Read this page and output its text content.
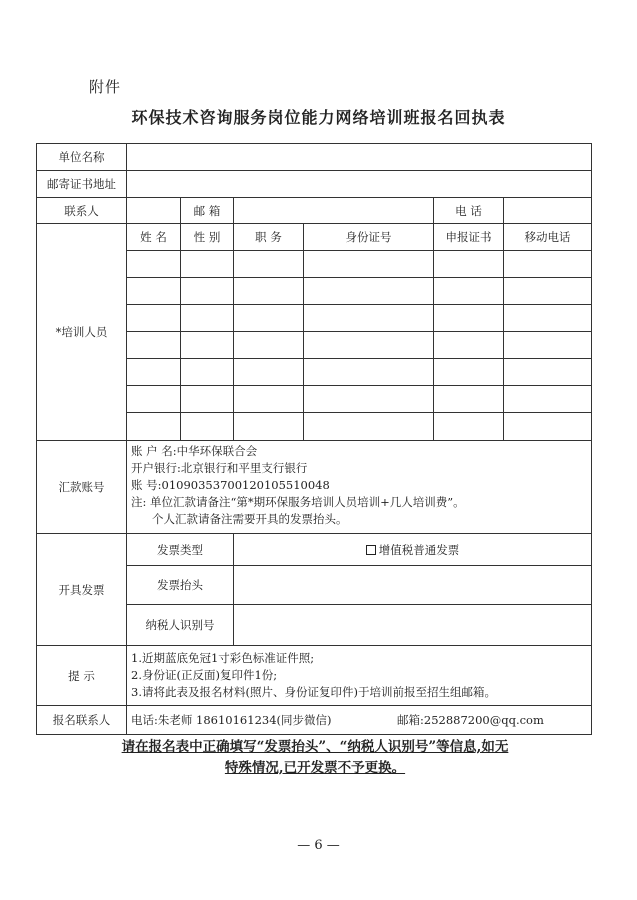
附件
环保技术咨询服务岗位能力网络培训班报名回执表
单位名称
邮寄证书地址
联系人	邮 箱	电 话
*培训人员
姓 名	性 别	职 务	身份证号	申报证书	移动电话
汇款账号
账 户 名:中华环保联合会
开户银行:北京银行和平里支行银行
账 号:01090353700120105510048
注: 单位汇款请备注“第*期环保服务培训人员培训+几人培训费”。
个人汇款请备注需要开具的发票抬头。
开具发票
发票类型	增值税普通发票
发票抬头
纳税人识别号
提 示
1.近期蓝底免冠1寸彩色标准证件照;
2.身份证(正反面)复印件1份;
3.请将此表及报名材料(照片、身份证复印件)于培训前报至招生组邮箱。
报名联系人	电话:朱老师 18610161234(同步微信)	邮箱:252887200@qq.com
请在报名表中正确填写“发票抬头”、“纳税人识别号”等信息,如无
特殊情况,已开发票不予更换。
— 6 —
